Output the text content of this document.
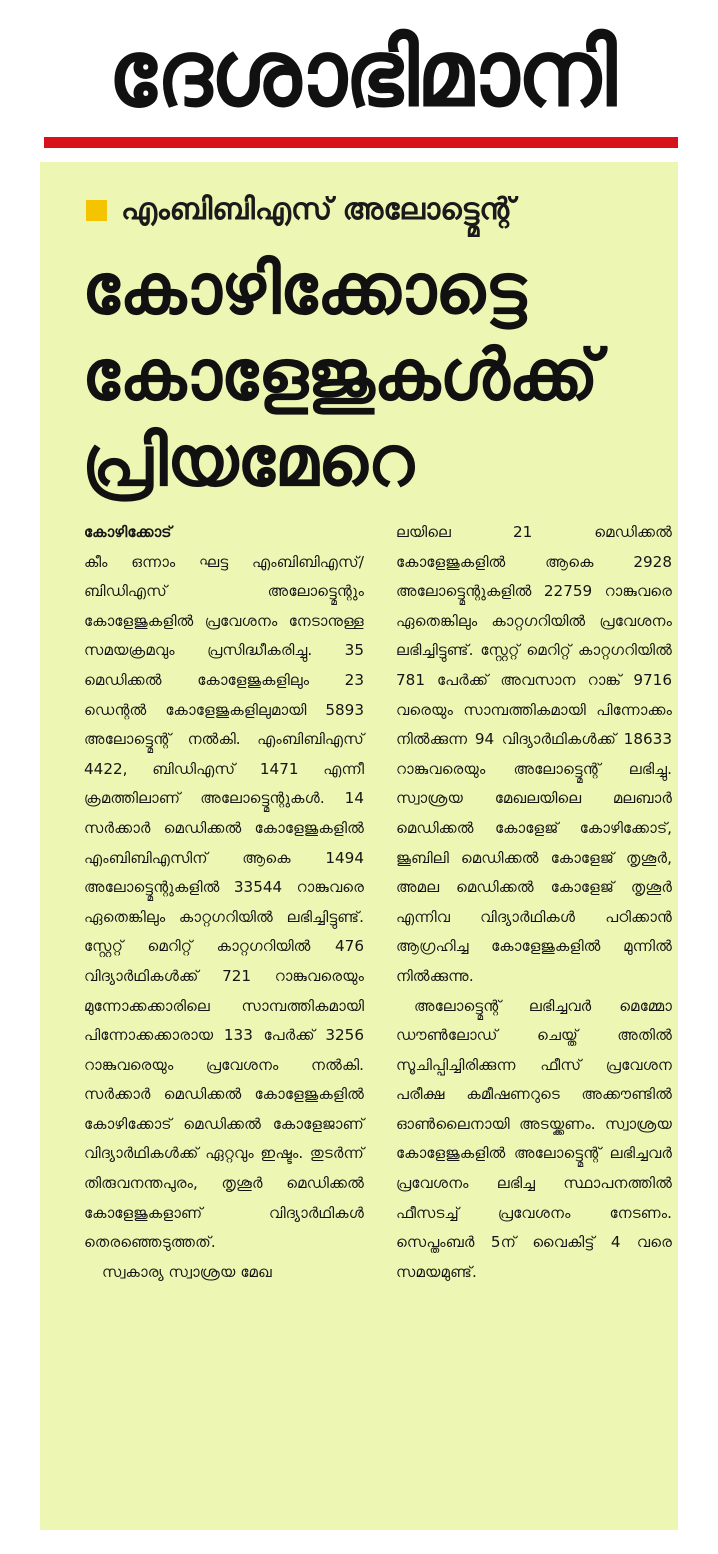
ദേശാഭിമാനി
എംബിബിഎസ് അലോട്ട്മെന്റ്
കോഴിക്കോട്ടെ
കോളേജുകൾക്ക്
പ്രിയമേറെ
കോഴിക്കോട്
കീം ഒന്നാം ഘട്ട എംബിബിഎസ്/ ബിഡിഎസ് അലോട്ട്മെന്റും കോളേജുകളിൽ പ്രവേശനം നേടാനുള്ള സമയക്രമവും പ്രസിദ്ധീകരിച്ചു. 35 മെഡിക്കൽ കോളേജുകളിലും 23 ഡെന്റൽ കോളേജുകളിലുമായി 5893 അലോട്ട്മെന്റ് നൽകി. എംബിബിഎസ് 4422, ബിഡിഎസ് 1471 എന്നീ ക്രമത്തിലാണ് അലോട്ട്മെന്റുകൾ. 14 സർക്കാർ മെഡിക്കൽ കോളേജുകളിൽ എംബിബിഎസിന് ആകെ 1494 അലോട്ട്മെന്റുകളിൽ 33544 റാങ്കുവരെ ഏതെങ്കിലും കാറ്റഗറിയിൽ ലഭിച്ചിട്ടുണ്ട്. സ്റ്റേറ്റ് മെറിറ്റ് കാറ്റഗറിയിൽ 476 വിദ്യാർഥികൾക്ക് 721 റാങ്കുവരെയും മുന്നോക്കക്കാരിലെ സാമ്പത്തികമായി പിന്നോക്കക്കാരായ 133 പേർക്ക് 3256 റാങ്കുവരെയും പ്രവേശനം നൽകി. സർക്കാർ മെഡിക്കൽ കോളേജുകളിൽ കോഴിക്കോട് മെഡിക്കൽ കോളേജാണ് വിദ്യാർഥികൾക്ക് ഏറ്റവും ഇഷ്ടം. തുടർന്ന് തിരുവനന്തപുരം, തൃശൂർ മെഡിക്കൽ കോളേജുകളാണ് വിദ്യാർഥികൾ തെരഞ്ഞെടുത്തത്.
സ്വകാര്യ സ്വാശ്രയ മേഖ
ലയിലെ 21 മെഡിക്കൽ കോളേജുകളിൽ ആകെ 2928 അലോട്ട്മെന്റുകളിൽ 22759 റാങ്കുവരെ ഏതെങ്കിലും കാറ്റഗറിയിൽ പ്രവേശനം ലഭിച്ചിട്ടുണ്ട്. സ്റ്റേറ്റ് മെറിറ്റ് കാറ്റഗറിയിൽ 781 പേർക്ക് അവസാന റാങ്ക് 9716 വരെയും സാമ്പത്തികമായി പിന്നോക്കം നിൽക്കുന്ന 94 വിദ്യാർഥികൾക്ക് 18633 റാങ്കുവരെയും അലോട്ട്മെന്റ് ലഭിച്ചു. സ്വാശ്രയ മേഖലയിലെ മലബാർ മെഡിക്കൽ കോളേജ് കോഴിക്കോട്, ജൂബിലി മെഡിക്കൽ കോളേജ് തൃശൂർ, അമല മെഡിക്കൽ കോളേജ് തൃശൂർ എന്നിവ വിദ്യാർഥികൾ പഠിക്കാൻ ആഗ്രഹിച്ച കോളേജുകളിൽ മുന്നിൽ നിൽക്കുന്നു.
അലോട്ട്മെന്റ് ലഭിച്ചവർ മെമ്മോ ഡൗൺലോഡ് ചെയ്ത് അതിൽ സൂചിപ്പിച്ചിരിക്കുന്ന ഫീസ് പ്രവേശന പരീക്ഷ കമീഷണറുടെ അക്കൗണ്ടിൽ ഓൺലൈനായി അടയ്ക്കണം. സ്വാശ്രയ കോളേജുകളിൽ അലോട്ട്മെന്റ് ലഭിച്ചവർ പ്രവേശനം ലഭിച്ച സ്ഥാപനത്തിൽ ഫീസടച്ച് പ്രവേശനം നേടണം. സെപ്തംബർ 5ന് വൈകിട്ട് 4 വരെ സമയമുണ്ട്.
